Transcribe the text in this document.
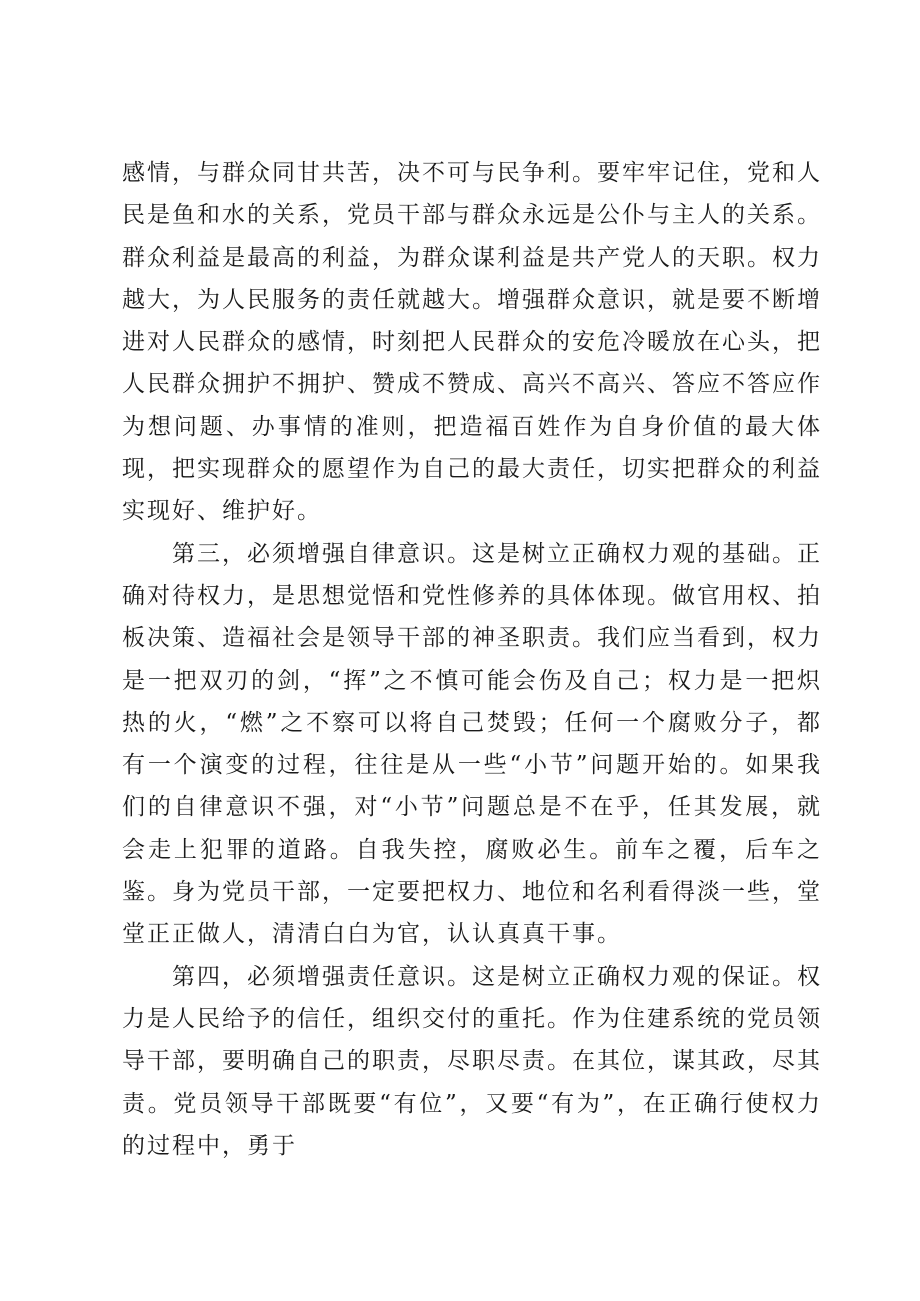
感情，与群众同甘共苦，决不可与民争利。要牢牢记住，党和人民是鱼和水的关系，党员干部与群众永远是公仆与主人的关系。群众利益是最高的利益，为群众谋利益是共产党人的天职。权力越大，为人民服务的责任就越大。增强群众意识，就是要不断增进对人民群众的感情，时刻把人民群众的安危冷暖放在心头，把人民群众拥护不拥护、赞成不赞成、高兴不高兴、答应不答应作为想问题、办事情的准则，把造福百姓作为自身价值的最大体现，把实现群众的愿望作为自己的最大责任，切实把群众的利益实现好、维护好。

第三，必须增强自律意识。这是树立正确权力观的基础。正确对待权力，是思想觉悟和党性修养的具体体现。做官用权、拍板决策、造福社会是领导干部的神圣职责。我们应当看到，权力是一把双刃的剑，“挥”之不慎可能会伤及自己；权力是一把炽热的火，“燃”之不察可以将自己焚毁；任何一个腐败分子，都有一个演变的过程，往往是从一些“小节”问题开始的。如果我们的自律意识不强，对“小节”问题总是不在乎，任其发展，就会走上犯罪的道路。自我失控，腐败必生。前车之覆，后车之鉴。身为党员干部，一定要把权力、地位和名利看得淡一些，堂堂正正做人，清清白白为官，认认真真干事。

第四，必须增强责任意识。这是树立正确权力观的保证。权力是人民给予的信任，组织交付的重托。作为住建系统的党员领导干部，要明确自己的职责，尽职尽责。在其位，谋其政，尽其责。党员领导干部既要“有位”，又要“有为”，在正确行使权力的过程中，勇于
